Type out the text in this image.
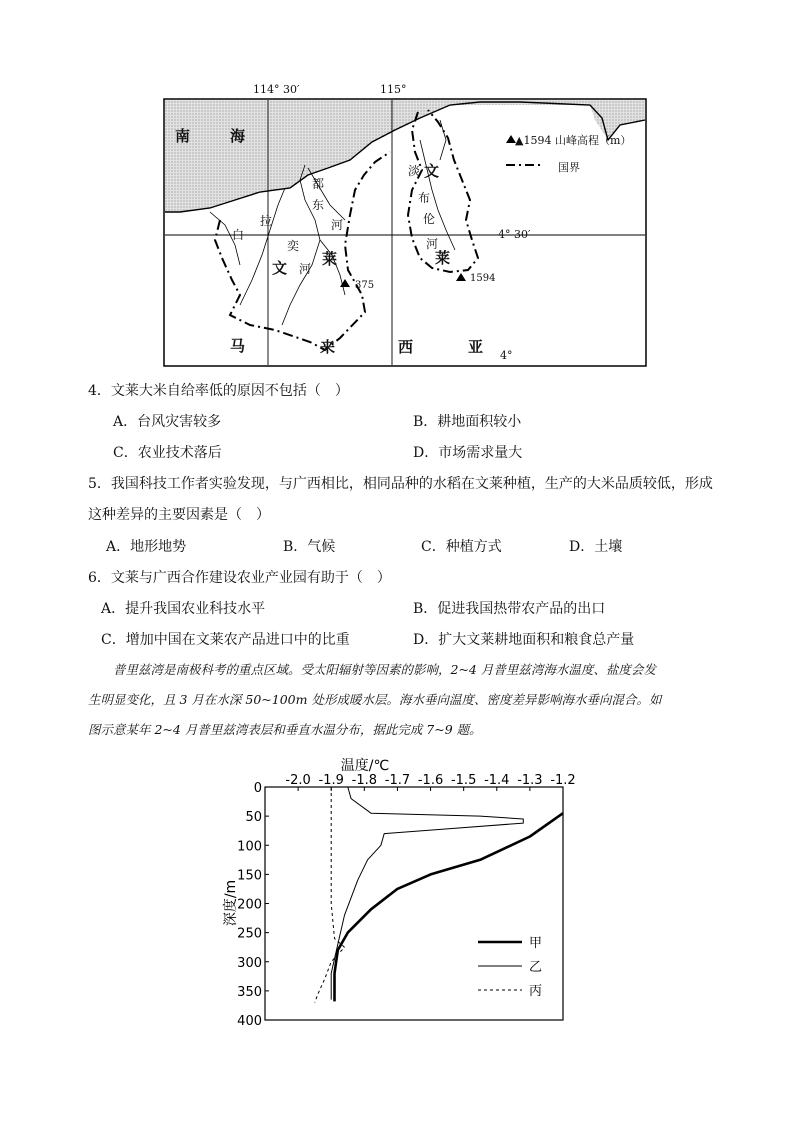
114° 30′	115°
4° 30′
4°
南	海
马	来	西	亚
文 莱
文
莱
都
东
河
白
拉
奕
河
淡
布
伦
河
375
1594
▲1594 山峰高程（m）
国界
4．文莱大米自给率低的原因不包括（　）
A．台风灾害较多	B．耕地面积较小
C．农业技术落后	D．市场需求量大
5．我国科技工作者实验发现，与广西相比，相同品种的水稻在文莱种植，生产的大米品质较低，形成
这种差异的主要因素是（　）
A．地形地势	B．气候	C．种植方式	D．土壤
6．文莱与广西合作建设农业产业园有助于（　）
A．提升我国农业科技水平	B．促进我国热带农产品的出口
C．增加中国在文莱农产品进口中的比重	D．扩大文莱耕地面积和粮食总产量
普里兹湾是南极科考的重点区域。受太阳辐射等因素的影响，2~4 月普里兹湾海水温度、盐度会发
生明显变化，且 3 月在水深 50~100m 处形成暖水层。海水垂向温度、密度差异影响海水垂向混合。如
图示意某年 2~4 月普里兹湾表层和垂直水温分布，据此完成 7~9 题。
温度/℃
深度/m
-2.0 -1.9 -1.8 -1.7 -1.6 -1.5 -1.4 -1.3 -1.2
0
50
100
150
200
250
300
350
400
甲
乙
丙
